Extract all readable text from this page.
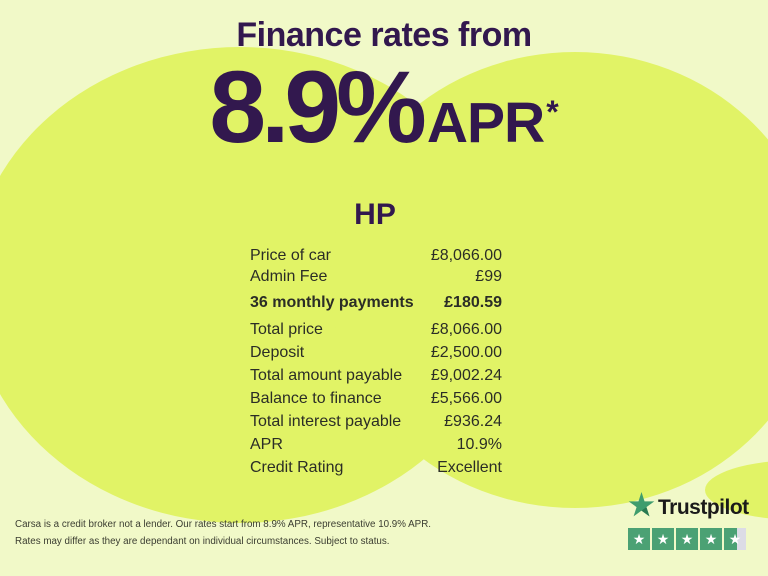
Finance rates from
8.9% APR *
HP
Price of car	£8,066.00
Admin Fee	£99
36 monthly payments £180.59
Total price	£8,066.00
Deposit	£2,500.00
Total amount payable £9,002.24
Balance to finance	£5,566.00
Total interest payable	£936.24
APR	10.9%
Credit Rating	Excellent
Carsa is a credit broker not a lender. Our rates start from 8.9% APR, representative 10.9% APR.
Rates may differ as they are dependant on individual circumstances. Subject to status.
Trustpilot
★ ★ ★ ★ ★
